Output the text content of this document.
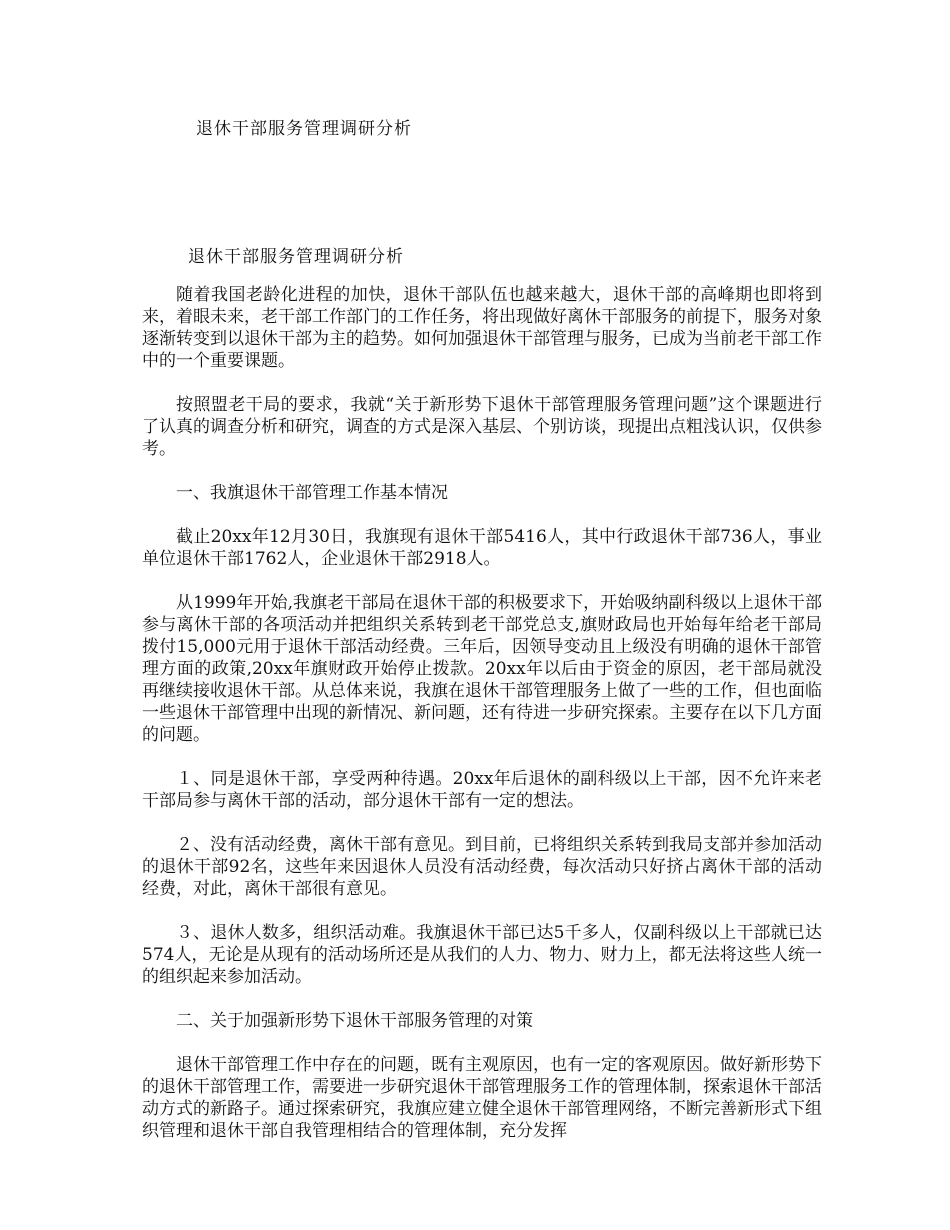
退休干部服务管理调研分析
退休干部服务管理调研分析

随着我国老龄化进程的加快，退休干部队伍也越来越大，退休干部的高峰期也即将到来，着眼未来，老干部工作部门的工作任务，将出现做好离休干部服务的前提下，服务对象逐渐转变到以退休干部为主的趋势。如何加强退休干部管理与服务，已成为当前老干部工作中的一个重要课题。

按照盟老干局的要求，我就“关于新形势下退休干部管理服务管理问题”这个课题进行了认真的调查分析和研究，调查的方式是深入基层、个别访谈，现提出点粗浅认识，仅供参考。

一、我旗退休干部管理工作基本情况

截止20xx年12月30日，我旗现有退休干部5416人，其中行政退休干部736人，事业单位退休干部1762人，企业退休干部2918人。

从1999年开始,我旗老干部局在退休干部的积极要求下，开始吸纳副科级以上退休干部参与离休干部的各项活动并把组织关系转到老干部党总支,旗财政局也开始每年给老干部局拨付15,000元用于退休干部活动经费。三年后，因领导变动且上级没有明确的退休干部管理方面的政策,20xx年旗财政开始停止拨款。20xx年以后由于资金的原因，老干部局就没再继续接收退休干部。从总体来说，我旗在退休干部管理服务上做了一些的工作，但也面临一些退休干部管理中出现的新情况、新问题，还有待进一步研究探索。主要存在以下几方面的问题。

１、同是退休干部，享受两种待遇。20xx年后退休的副科级以上干部，因不允许来老干部局参与离休干部的活动，部分退休干部有一定的想法。

２、没有活动经费，离休干部有意见。到目前，已将组织关系转到我局支部并参加活动的退休干部92名，这些年来因退休人员没有活动经费，每次活动只好挤占离休干部的活动经费，对此，离休干部很有意见。

３、退休人数多，组织活动难。我旗退休干部已达5千多人，仅副科级以上干部就已达574人，无论是从现有的活动场所还是从我们的人力、物力、财力上，都无法将这些人统一的组织起来参加活动。

二、关于加强新形势下退休干部服务管理的对策

退休干部管理工作中存在的问题，既有主观原因，也有一定的客观原因。做好新形势下的退休干部管理工作，需要进一步研究退休干部管理服务工作的管理体制，探索退休干部活动方式的新路子。通过探索研究，我旗应建立健全退休干部管理网络，不断完善新形式下组织管理和退休干部自我管理相结合的管理体制，充分发挥
